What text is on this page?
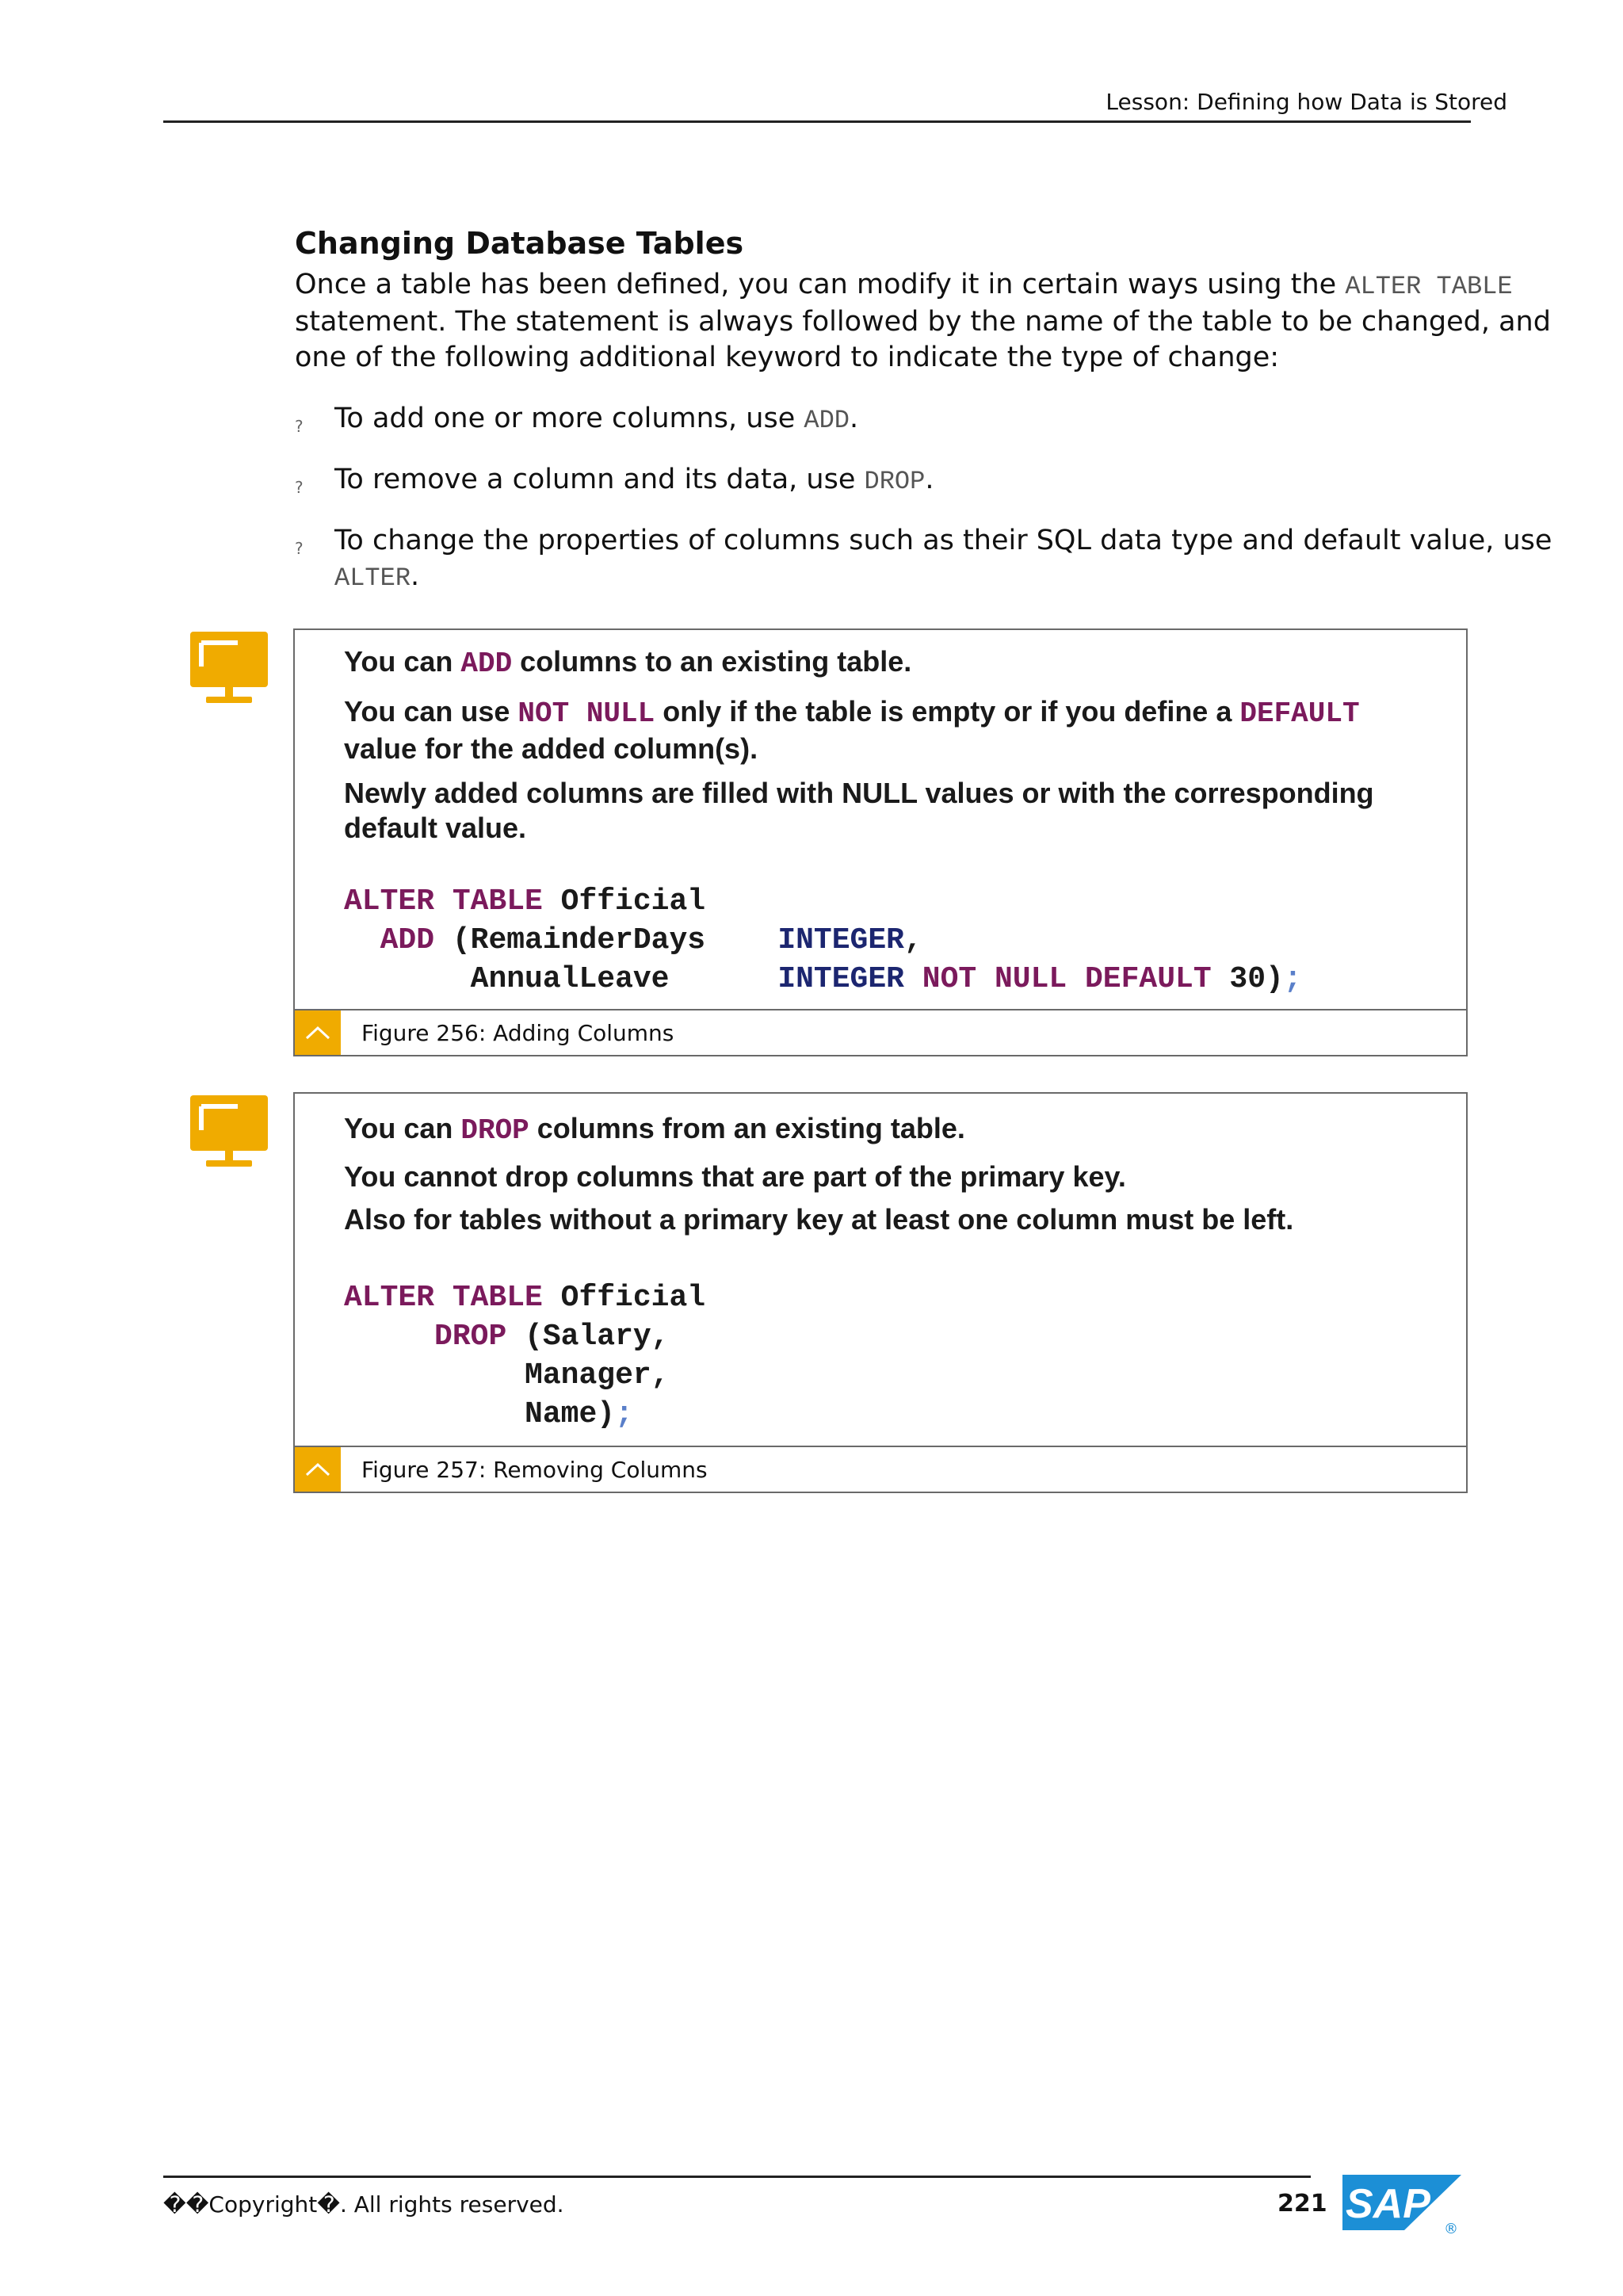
Lesson: Defining how Data is Stored
Changing Database Tables

Once a table has been defined, you can modify it in certain ways using the ALTER TABLE statement. The statement is always followed by the name of the table to be changed, and one of the following additional keyword to indicate the type of change:

? To add one or more columns, use ADD.
? To remove a column and its data, use DROP.
? To change the properties of columns such as their SQL data type and default value, use ALTER.

You can ADD columns to an existing table.

You can use NOT NULL only if the table is empty or if you define a DEFAULT

value for the added column(s).

Newly added columns are filled with NULL values or with the corresponding default value.

ALTER TABLE Official

ADD (RemainderDays INTEGER,

AnnualLeave	INTEGER NOT NULL DEFAULT 30);

Figure 256: Adding Columns

You can DROP columns from an existing table.

You cannot drop columns that are part of the primary key.

Also for tables without a primary key at least one column must be left.

ALTER TABLE Official

DROP (Salary,

Manager,

Name);

Figure 257: Removing Columns
��Copyright�. All rights reserved.	221 SAP
®
